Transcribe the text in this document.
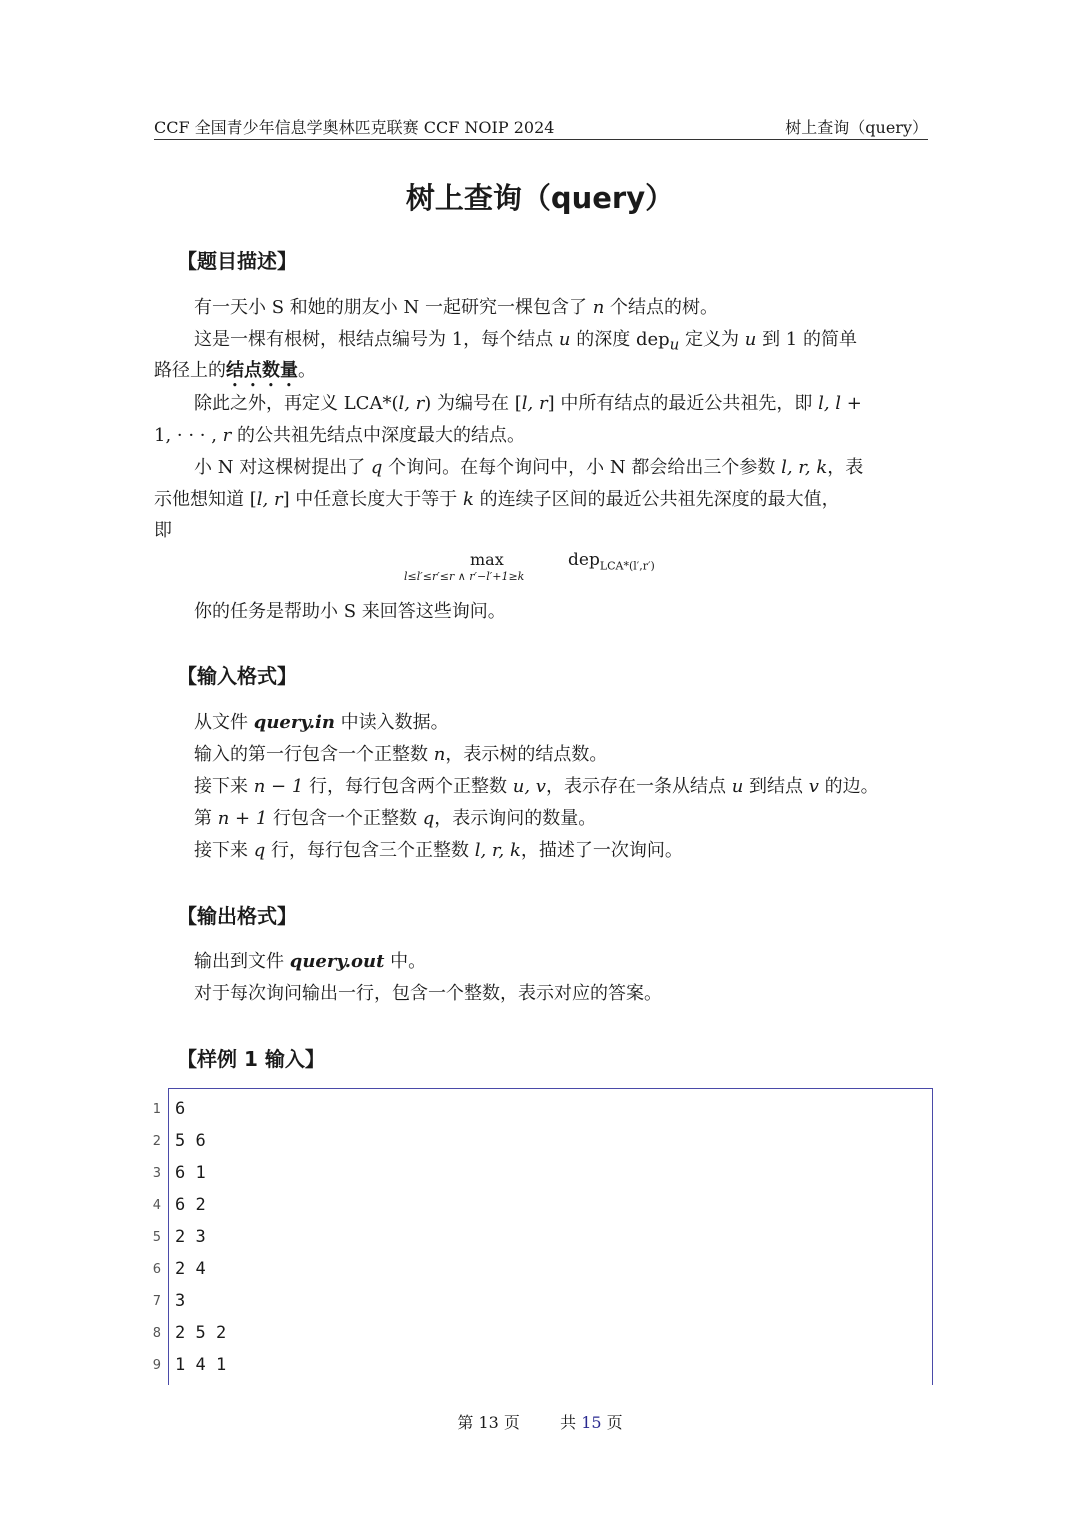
CCF 全国青少年信息学奥林匹克联赛 CCF NOIP 2024	树上查询（query）
树上查询（query）
【题目描述】
有一天小 S 和她的朋友小 N 一起研究一棵包含了 n 个结点的树。
这是一棵有根树，根结点编号为 1，每个结点 u 的深度 dep$_u$ 定义为 u 到 1 的简单
路径上的结点数量。
除此之外，再定义 LCA*(l, r) 为编号在 [l, r] 中所有结点的最近公共祖先，即 l, l +
1, · · · , r 的公共祖先结点中深度最大的结点。
小 N 对这棵树提出了 q 个询问。在每个询问中，小 N 都会给出三个参数 l, r, k，表
示他想知道 [l, r] 中任意长度大于等于 k 的连续子区间的最近公共祖先深度的最大值，
即
max
l≤l′≤r′≤r ∧ r′−l′+1≥k
dep$_{LCA*(l',r')}$
你的任务是帮助小 S 来回答这些询问。
【输入格式】
从文件 query.in 中读入数据。
输入的第一行包含一个正整数 n，表示树的结点数。
接下来 n − 1 行，每行包含两个正整数 u, v，表示存在一条从结点 u 到结点 v 的边。
第 n + 1 行包含一个正整数 q，表示询问的数量。
接下来 q 行，每行包含三个正整数 l, r, k，描述了一次询问。
【输出格式】
输出到文件 query.out 中。
对于每次询问输出一行，包含一个整数，表示对应的答案。
【样例 1 输入】
1 6
2 5 6
3 6 1
4 6 2
5 2 3
6 2 4
7 3
8 2 5 2
9 1 4 1
第 13 页	共 15 页
